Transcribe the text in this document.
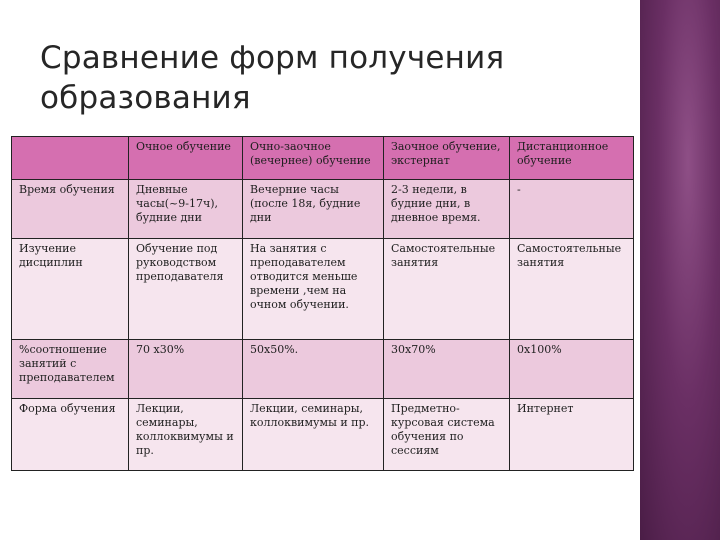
Сравнение форм получения образования
	Очное обучение	Очно-заочное (вечернее) обучение	Заочное обучение, экстернат	Дистанционное обучение
Время обучения	Дневные часы(~9-17ч), будние дни	Вечерние часы (после 18я, будние дни	2-3 недели, в будние дни, в дневное время.	-
Изучение дисциплин	Обучение под руководством преподавателя	На занятия с преподавателем отводится меньше времени ,чем на очном обучении.	Самостоятельные занятия	Самостоятельные занятия
%соотношение занятий с преподавателем	70 х30%	50х50%.	30х70%	0х100%
Форма обучения	Лекции, семинары, коллоквимумы и пр.	Лекции, семинары, коллоквимумы и пр.	Предметно-курсовая система обучения по сессиям	Интернет
